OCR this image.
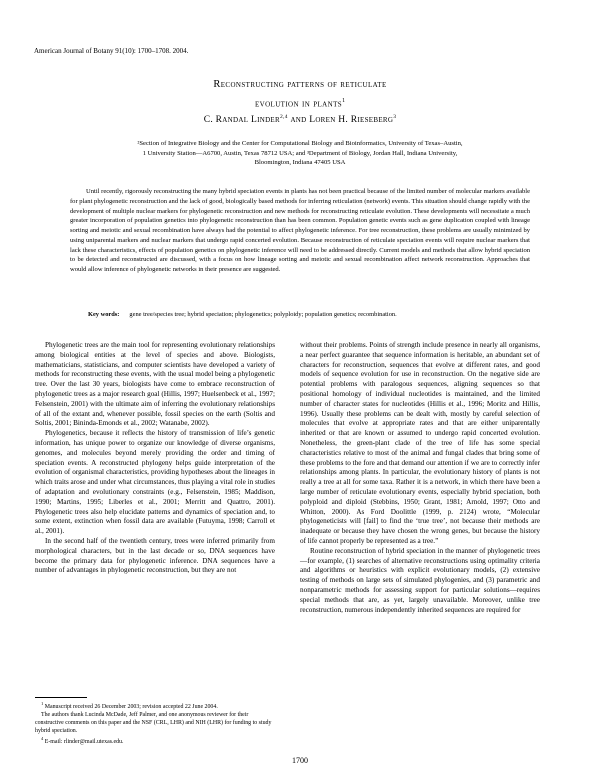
American Journal of Botany 91(10): 1700–1708. 2004.
Reconstructing patterns of reticulate
evolution in plants$^1$
C. Randal Linder$^{2,4}$ and Loren H. Rieseberg$^3$
²Section of Integrative Biology and the Center for Computational Biology and Bioinformatics, University of Texas–Austin,
1 University Station—A6700, Austin, Texas 78712 USA; and ³Department of Biology, Jordan Hall, Indiana University,
Bloomington, Indiana 47405 USA

Until recently, rigorously reconstructing the many hybrid speciation events in plants has not been practical because of the limited number of molecular markers available for plant phylogenetic reconstruction and the lack of good, biologically based methods for inferring reticulation (network) events. This situation should change rapidly with the development of multiple nuclear markers for phylogenetic reconstruction and new methods for reconstructing reticulate evolution. These developments will necessitate a much greater incorporation of population genetics into phylogenetic reconstruction than has been common. Population genetic events such as gene duplication coupled with lineage sorting and meiotic and sexual recombination have always had the potential to affect phylogenetic inference. For tree reconstruction, these problems are usually minimized by using uniparental markers and nuclear markers that undergo rapid concerted evolution. Because reconstruction of reticulate speciation events will require nuclear markers that lack these characteristics, effects of population genetics on phylogenetic inference will need to be addressed directly. Current models and methods that allow hybrid speciation to be detected and reconstructed are discussed, with a focus on how lineage sorting and meiotic and sexual recombination affect network reconstruction. Approaches that would allow inference of phylogenetic networks in their presence are suggested.

Key words: gene tree/species tree; hybrid speciation; phylogenetics; polyploidy; population genetics; recombination.

Phylogenetic trees are the main tool for representing evolutionary relationships among biological entities at the level of species and above. Biologists, mathematicians, statisticians, and computer scientists have developed a variety of methods for reconstructing these events, with the usual model being a phylogenetic tree. Over the last 30 years, biologists have come to embrace reconstruction of phylogenetic trees as a major research goal (Hillis, 1997; Huelsenbeck et al., 1997; Felsenstein, 2001) with the ultimate aim of inferring the evolutionary relationships of all of the extant and, whenever possible, fossil species on the earth (Soltis and Soltis, 2001; Bininda-Emonds et al., 2002; Watanabe, 2002).

Phylogenetics, because it reflects the history of transmission of life’s genetic information, has unique power to organize our knowledge of diverse organisms, genomes, and molecules beyond merely providing the order and timing of speciation events. A reconstructed phylogeny helps guide interpretation of the evolution of organismal characteristics, providing hypotheses about the lineages in which traits arose and under what circumstances, thus playing a vital role in studies of adaptation and evolutionary constraints (e.g., Felsenstein, 1985; Maddison, 1990; Martins, 1995; Liberles et al., 2001; Merritt and Quattro, 2001). Phylogenetic trees also help elucidate patterns and dynamics of speciation and, to some extent, extinction when fossil data are available (Futuyma, 1998; Carroll et al., 2001).

In the second half of the twentieth century, trees were inferred primarily from morphological characters, but in the last decade or so, DNA sequences have become the primary data for phylogenetic inference. DNA sequences have a number of advantages in phylogenetic reconstruction, but they are not

without their problems. Points of strength include presence in nearly all organisms, a near perfect guarantee that sequence information is heritable, an abundant set of characters for reconstruction, sequences that evolve at different rates, and good models of sequence evolution for use in reconstruction. On the negative side are potential problems with paralogous sequences, aligning sequences so that positional homology of individual nucleotides is maintained, and the limited number of character states for nucleotides (Hillis et al., 1996; Moritz and Hillis, 1996). Usually these problems can be dealt with, mostly by careful selection of molecules that evolve at appropriate rates and that are either uniparentally inherited or that are known or assumed to undergo rapid concerted evolution. Nonetheless, the green-plant clade of the tree of life has some special characteristics relative to most of the animal and fungal clades that bring some of these problems to the fore and that demand our attention if we are to correctly infer relationships among plants. In particular, the evolutionary history of plants is not really a tree at all for some taxa. Rather it is a network, in which there have been a large number of reticulate evolutionary events, especially hybrid speciation, both polyploid and diploid (Stebbins, 1950; Grant, 1981; Arnold, 1997; Otto and Whitton, 2000). As Ford Doolittle (1999, p. 2124) wrote, “Molecular phylogeneticists will [fail] to find the ‘true tree’, not because their methods are inadequate or because they have chosen the wrong genes, but because the history of life cannot properly be represented as a tree.”

Routine reconstruction of hybrid speciation in the manner of phylogenetic trees—for example, (1) searches of alternative reconstructions using optimality criteria and algorithms or heuristics with explicit evolutionary models, (2) extensive testing of methods on large sets of simulated phylogenies, and (3) parametric and nonparametric methods for assessing support for particular solutions—requires special methods that are, as yet, largely unavailable. Moreover, unlike tree reconstruction, numerous independently inherited sequences are required for

$^1$ Manuscript received 26 December 2003; revision accepted 22 June 2004.

The authors thank Lucinda McDade, Jeff Palmer, and one anonymous reviewer for their constructive comments on this paper and the NSF (CRL, LHR) and NIH (LHR) for funding to study hybrid speciation.

$^4$ E-mail: rlinder@mail.utexas.edu.

1700
